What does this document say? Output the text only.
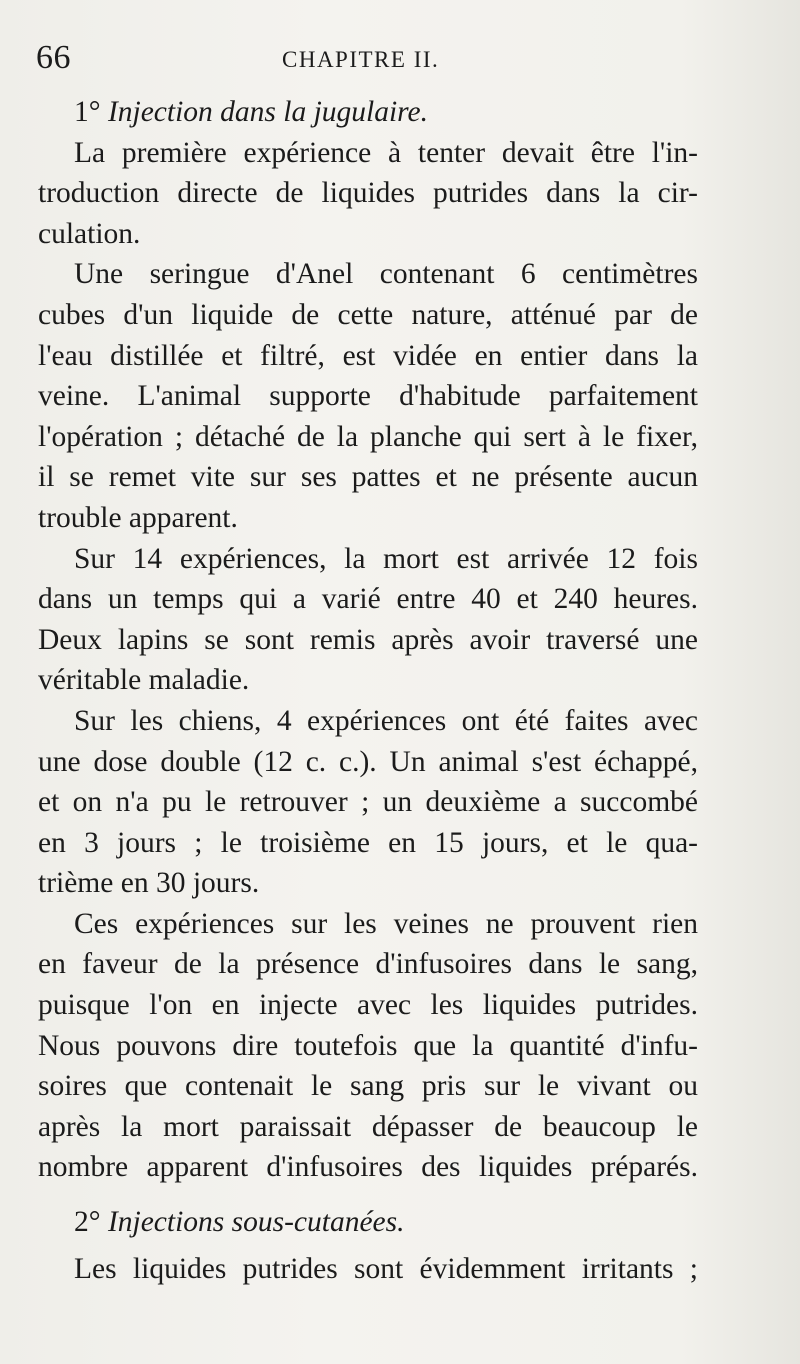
66	CHAPITRE II.
1° Injection dans la jugulaire.
La première expérience à tenter devait être l'in-
troduction directe de liquides putrides dans la cir-
culation.
Une seringue d'Anel contenant 6 centimètres
cubes d'un liquide de cette nature, atténué par de
l'eau distillée et filtré, est vidée en entier dans la
veine. L'animal supporte d'habitude parfaitement
l'opération ; détaché de la planche qui sert à le fixer,
il se remet vite sur ses pattes et ne présente aucun
trouble apparent.
Sur 14 expériences, la mort est arrivée 12 fois
dans un temps qui a varié entre 40 et 240 heures.
Deux lapins se sont remis après avoir traversé une
véritable maladie.
Sur les chiens, 4 expériences ont été faites avec
une dose double (12 c. c.). Un animal s'est échappé,
et on n'a pu le retrouver ; un deuxième a succombé
en 3 jours ; le troisième en 15 jours, et le qua-
trième en 30 jours.
Ces expériences sur les veines ne prouvent rien
en faveur de la présence d'infusoires dans le sang,
puisque l'on en injecte avec les liquides putrides.
Nous pouvons dire toutefois que la quantité d'infu-
soires que contenait le sang pris sur le vivant ou
après la mort paraissait dépasser de beaucoup le
nombre apparent d'infusoires des liquides préparés.
2° Injections sous-cutanées.
Les liquides putrides sont évidemment irritants ;
